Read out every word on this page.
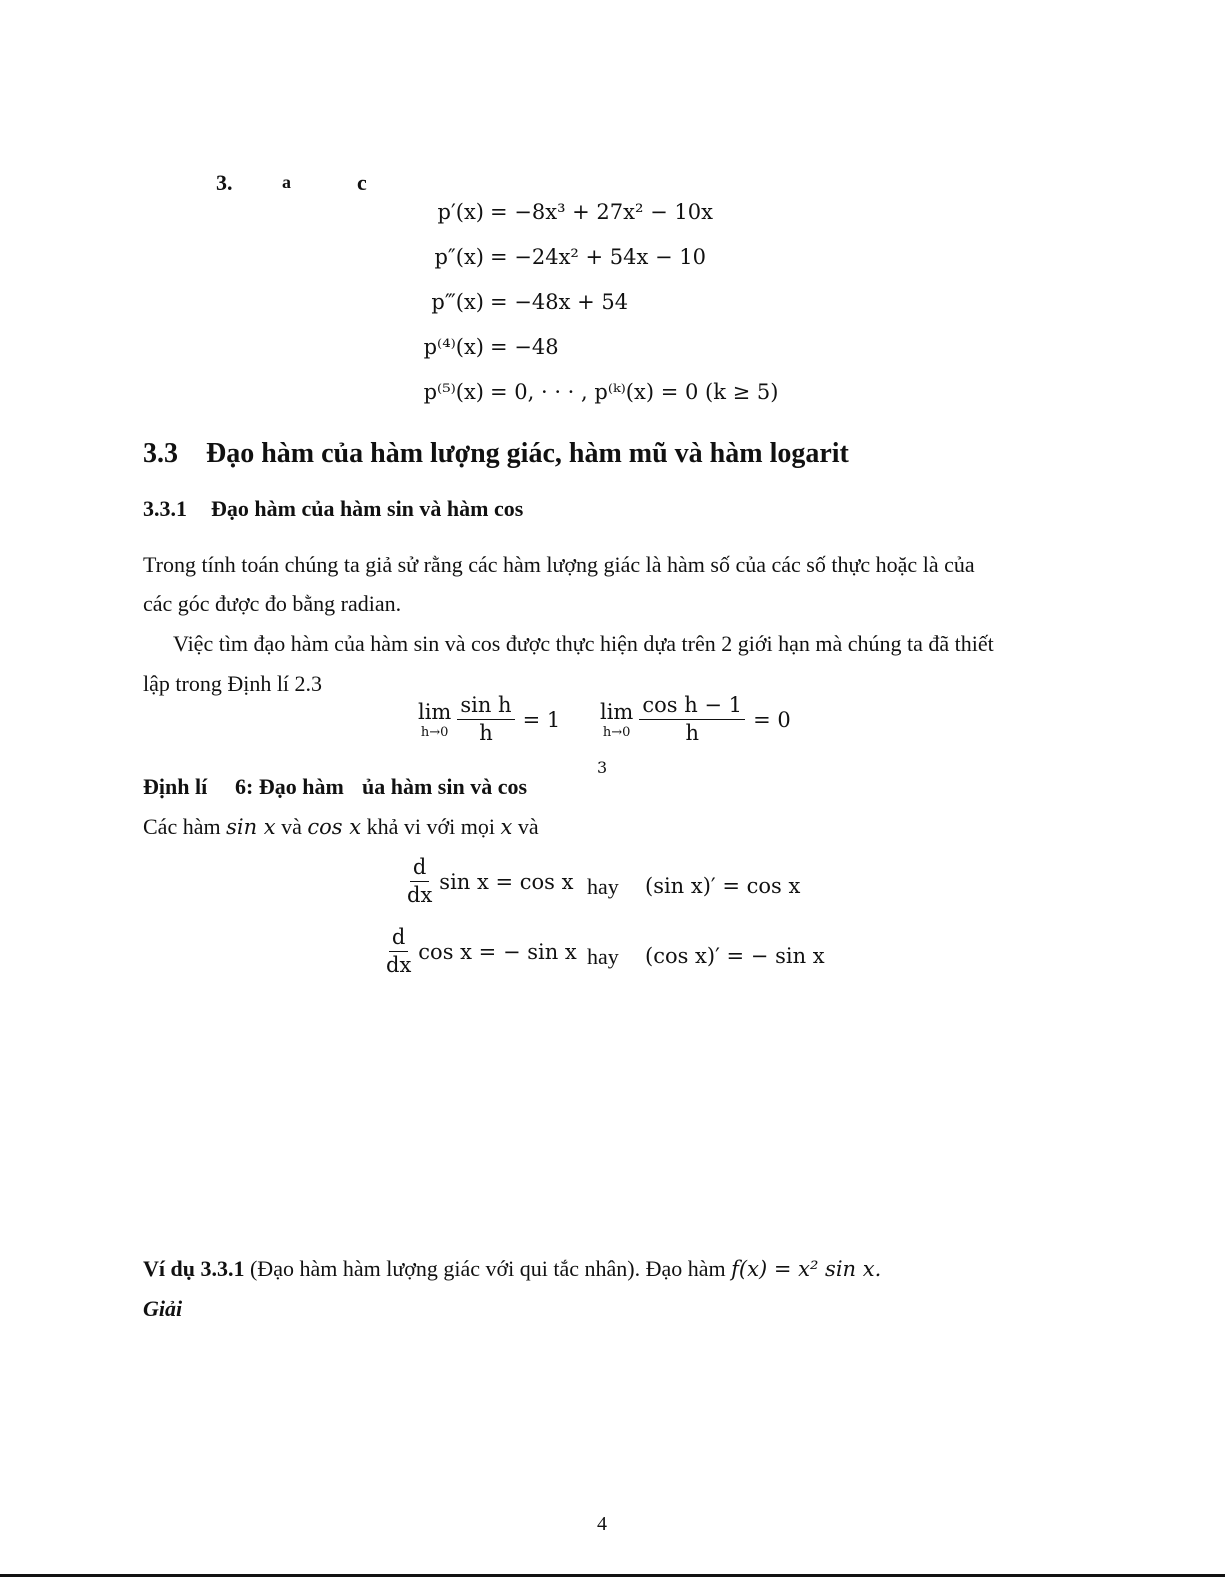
3.	a	c
p′(x) = −8x³ + 27x² − 10x
p″(x) = −24x² + 54x − 10
p‴(x) = −48x + 54
p⁽⁴⁾(x) = −48
p⁽⁵⁾(x) = 0, · · · , p⁽ᵏ⁾(x) = 0 (k ≥ 5)
3.3 Đạo hàm của hàm lượng giác, hàm mũ và hàm logarit
3.3.1 Đạo hàm của hàm sin và hàm cos
Trong tính toán chúng ta giả sử rằng các hàm lượng giác là hàm số của các số thực hoặc là của
các góc được đo bằng radian.
Việc tìm đạo hàm của hàm sin và cos được thực hiện dựa trên 2 giới hạn mà chúng ta đã thiết
lập trong Định lí 2.3
lim
$h\to 0 \frac{\text{sin h}}{h} = 1$ lim
$h\to 0 \frac{\text{cos h − 1}}{h} = 0$
3
Định lí 6: Đạo hàm ủa hàm sin và cos
Các hàm sin x và cos x khả vi với mọi x và
$\frac{d}{dx}$ sin x = cos x hay (sin x)′ = cos x
$\frac{d}{dx}$ cos x = − sin x hay (cos x)′ = − sin x
Ví dụ 3.3.1 (Đạo hàm hàm lượng giác với qui tắc nhân). Đạo hàm f(x) = x² sin x.
Giải
4
